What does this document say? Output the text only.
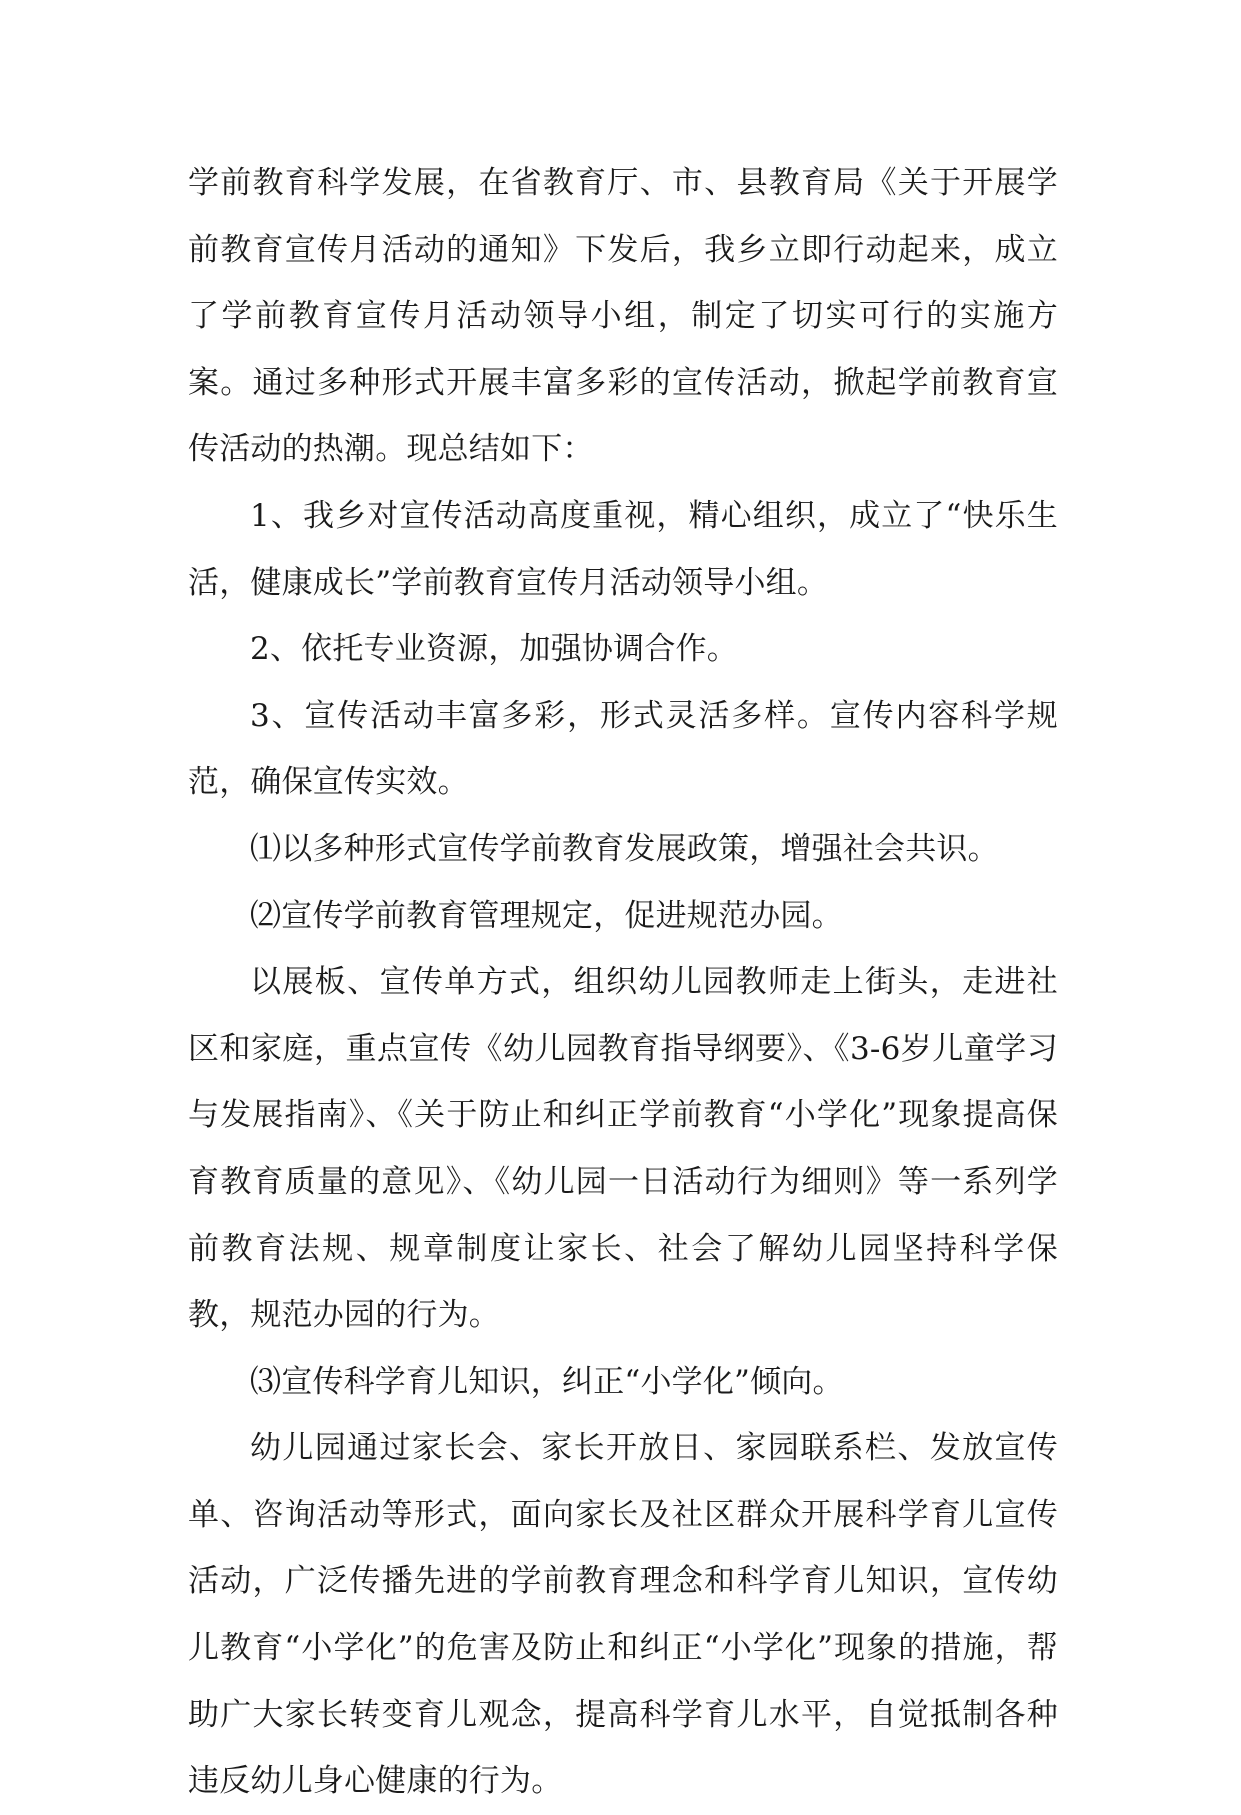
学前教育科学发展，在省教育厅、市、县教育局《关于开展学前教育宣传月活动的通知》下发后，我乡立即行动起来，成立了学前教育宣传月活动领导小组，制定了切实可行的实施方案。通过多种形式开展丰富多彩的宣传活动，掀起学前教育宣传活动的热潮。现总结如下：

1、我乡对宣传活动高度重视，精心组织，成立了“快乐生活，健康成长”学前教育宣传月活动领导小组。

2、依托专业资源，加强协调合作。

3、宣传活动丰富多彩，形式灵活多样。宣传内容科学规范，确保宣传实效。

⑴以多种形式宣传学前教育发展政策，增强社会共识。

⑵宣传学前教育管理规定，促进规范办园。

以展板、宣传单方式，组织幼儿园教师走上街头，走进社区和家庭，重点宣传《幼儿园教育指导纲要》、《3-6岁儿童学习与发展指南》、《关于防止和纠正学前教育“小学化”现象提高保育教育质量的意见》、《幼儿园一日活动行为细则》等一系列学前教育法规、规章制度让家长、社会了解幼儿园坚持科学保教，规范办园的行为。

⑶宣传科学育儿知识，纠正“小学化”倾向。

幼儿园通过家长会、家长开放日、家园联系栏、发放宣传单、咨询活动等形式，面向家长及社区群众开展科学育儿宣传活动，广泛传播先进的学前教育理念和科学育儿知识，宣传幼儿教育“小学化”的危害及防止和纠正“小学化”现象的措施，帮助广大家长转变育儿观念，提高科学育儿水平，自觉抵制各种违反幼儿身心健康的行为。
